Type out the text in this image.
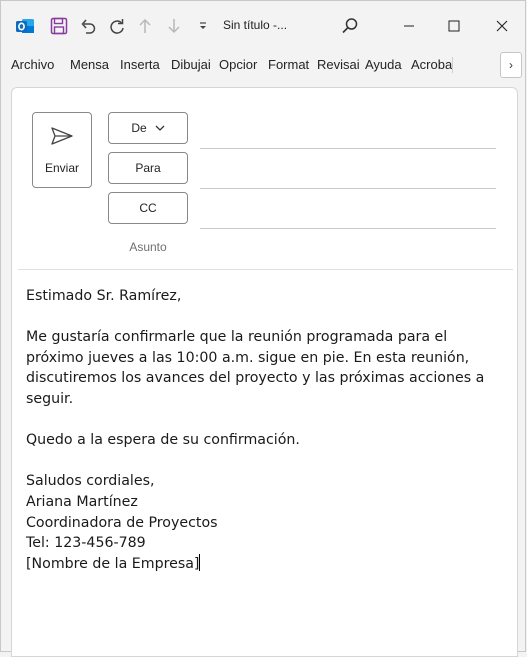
Sin título -...
Archivo	Mensa Inserta Dibujai Opcior Format Revisai Ayuda Acroba	›
Enviar
De
Para
CC
Asunto

Estimado Sr. Ramírez,

Me gustaría confirmarle que la reunión programada para el próximo jueves a las 10:00 a.m. sigue en pie. En esta reunión, discutiremos los avances del proyecto y las próximas acciones a seguir.

Quedo a la espera de su confirmación.

Saludos cordiales,

Ariana Martínez

Coordinadora de Proyectos

Tel: 123-456-789

[Nombre de la Empresa]
